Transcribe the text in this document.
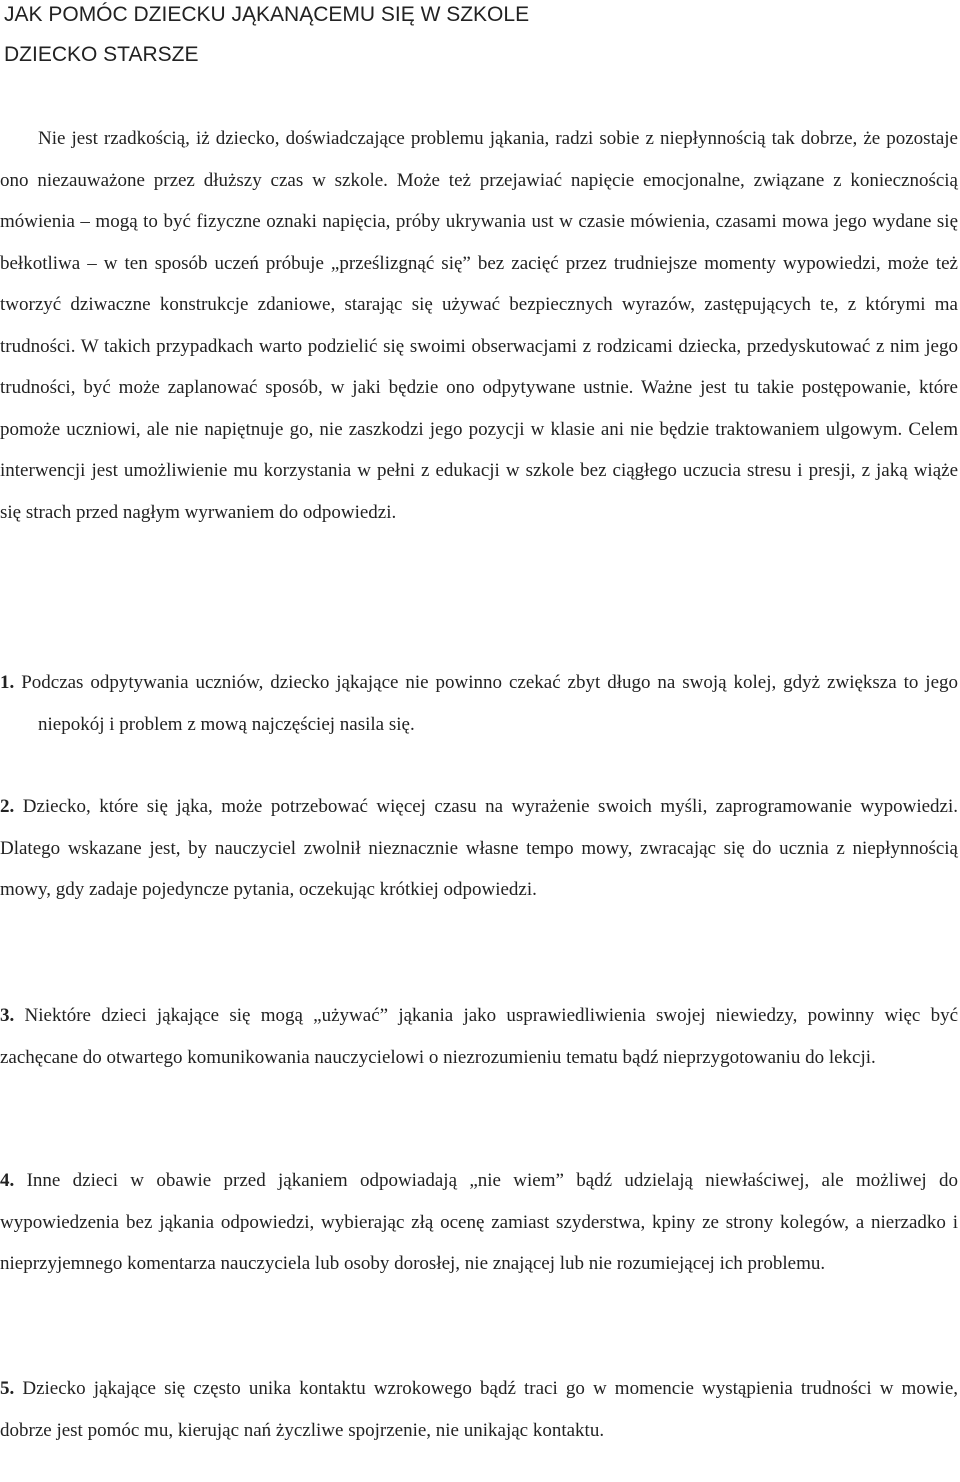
JAK POMÓC DZIECKU JĄKANĄCEMU SIĘ W SZKOLE
DZIECKO STARSZE

Nie jest rzadkością, iż dziecko, doświadczające problemu jąkania, radzi sobie z niepłynnością tak dobrze, że pozostaje ono niezauważone przez dłuższy czas w szkole. Może też przejawiać napięcie emocjonalne, związane z koniecznością mówienia – mogą to być fizyczne oznaki napięcia, próby ukrywania ust w czasie mówienia, czasami mowa jego wydane się bełkotliwa – w ten sposób uczeń próbuje „prześlizgnąć się” bez zacięć przez trudniejsze momenty wypowiedzi, może też tworzyć dziwaczne konstrukcje zdaniowe, starając się używać bezpiecznych wyrazów, zastępujących te, z którymi ma trudności. W takich przypadkach warto podzielić się swoimi obserwacjami z rodzicami dziecka, przedyskutować z nim jego trudności, być może zaplanować sposób, w jaki będzie ono odpytywane ustnie. Ważne jest tu takie postępowanie, które pomoże uczniowi, ale nie napiętnuje go, nie zaszkodzi jego pozycji w klasie ani nie będzie traktowaniem ulgowym. Celem interwencji jest umożliwienie mu korzystania w pełni z edukacji w szkole bez ciągłego uczucia stresu i presji, z jaką wiąże się strach przed nagłym wyrwaniem do odpowiedzi.

1. Podczas odpytywania uczniów, dziecko jąkające nie powinno czekać zbyt długo na swoją kolej, gdyż zwiększa to jego niepokój i problem z mową najczęściej nasila się.

2. Dziecko, które się jąka, może potrzebować więcej czasu na wyrażenie swoich myśli, zaprogramowanie wypowiedzi. Dlatego wskazane jest, by nauczyciel zwolnił nieznacznie własne tempo mowy, zwracając się do ucznia z niepłynnością mowy, gdy zadaje pojedyncze pytania, oczekując krótkiej odpowiedzi.

3. Niektóre dzieci jąkające się mogą „używać” jąkania jako usprawiedliwienia swojej niewiedzy, powinny więc być zachęcane do otwartego komunikowania nauczycielowi o niezrozumieniu tematu bądź nieprzygotowaniu do lekcji.

4. Inne dzieci w obawie przed jąkaniem odpowiadają „nie wiem” bądź udzielają niewłaściwej, ale możliwej do wypowiedzenia bez jąkania odpowiedzi, wybierając złą ocenę zamiast szyderstwa, kpiny ze strony kolegów, a nierzadko i nieprzyjemnego komentarza nauczyciela lub osoby dorosłej, nie znającej lub nie rozumiejącej ich problemu.

5. Dziecko jąkające się często unika kontaktu wzrokowego bądź traci go w momencie wystąpienia trudności w mowie, dobrze jest pomóc mu, kierując nań życzliwe spojrzenie, nie unikając kontaktu.
